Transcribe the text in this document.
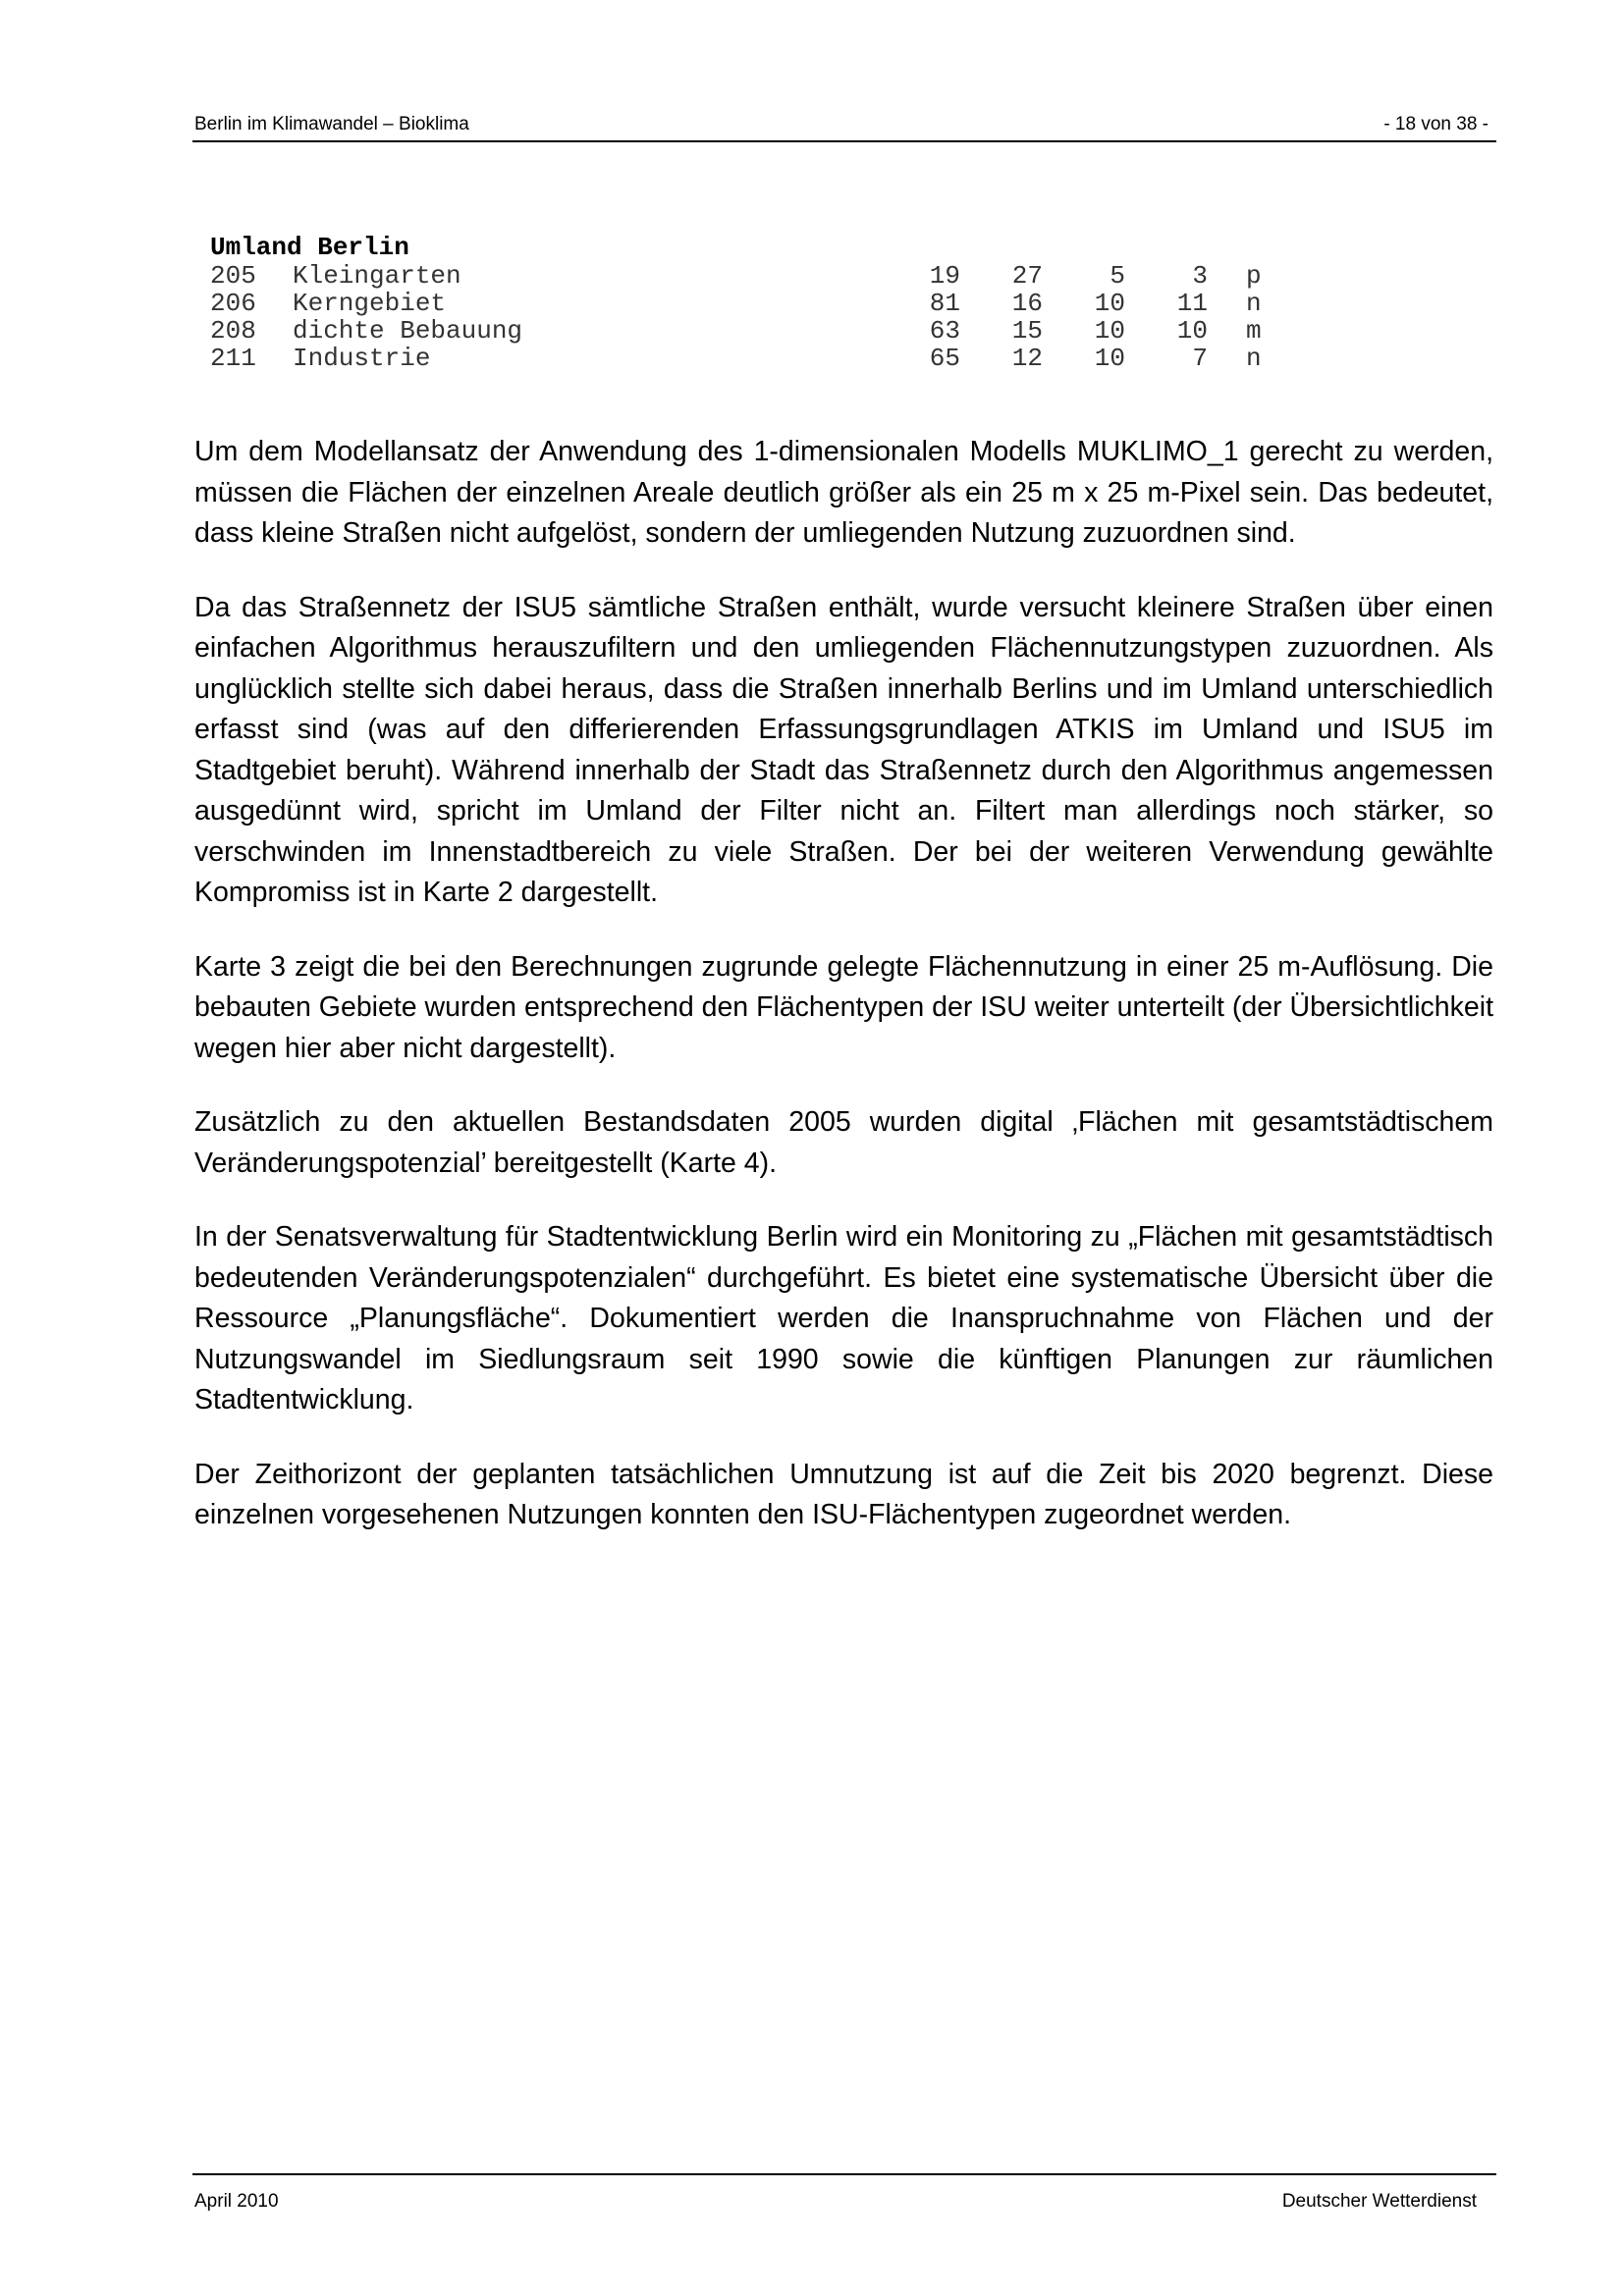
Berlin im Klimawandel – Bioklima	- 18 von 38 -
Umland Berlin
205 Kleingarten	19	27	5	3 p
206 Kerngebiet	81	16	10	11 n
208 dichte Bebauung	63	15	10	10 m
211 Industrie	65	12	10	7 n

Um dem Modellansatz der Anwendung des 1-dimensionalen Modells MUKLIMO_1 gerecht zu werden, müssen die Flächen der einzelnen Areale deutlich größer als ein 25 m x 25 m-Pixel sein. Das bedeutet, dass kleine Straßen nicht aufgelöst, sondern der umliegenden Nutzung zuzuordnen sind.

Da das Straßennetz der ISU5 sämtliche Straßen enthält, wurde versucht kleinere Straßen über einen einfachen Algorithmus herauszufiltern und den umliegenden Flächennutzungstypen zuzuordnen. Als unglücklich stellte sich dabei heraus, dass die Straßen innerhalb Berlins und im Umland unterschiedlich erfasst sind (was auf den differierenden Erfassungsgrundlagen ATKIS im Umland und ISU5 im Stadtgebiet beruht). Während innerhalb der Stadt das Straßennetz durch den Algorithmus angemessen ausgedünnt wird, spricht im Umland der Filter nicht an. Filtert man allerdings noch stärker, so verschwinden im Innenstadtbereich zu viele Straßen. Der bei der weiteren Verwendung gewählte Kompromiss ist in Karte 2 dargestellt.

Karte 3 zeigt die bei den Berechnungen zugrunde gelegte Flächennutzung in einer 25 m-Auflösung. Die bebauten Gebiete wurden entsprechend den Flächentypen der ISU weiter unterteilt (der Übersichtlichkeit wegen hier aber nicht dargestellt).

Zusätzlich zu den aktuellen Bestandsdaten 2005 wurden digital ‚Flächen mit gesamtstädtischem Veränderungspotenzial’ bereitgestellt (Karte 4).

In der Senatsverwaltung für Stadtentwicklung Berlin wird ein Monitoring zu „Flächen mit gesamtstädtisch bedeutenden Veränderungspotenzialen“ durchgeführt. Es bietet eine systematische Übersicht über die Ressource „Planungsfläche“. Dokumentiert werden die Inanspruchnahme von Flächen und der Nutzungswandel im Siedlungsraum seit 1990 sowie die künftigen Planungen zur räumlichen Stadtentwicklung.

Der Zeithorizont der geplanten tatsächlichen Umnutzung ist auf die Zeit bis 2020 begrenzt. Diese einzelnen vorgesehenen Nutzungen konnten den ISU-Flächentypen zugeordnet werden.

April 2010	Deutscher Wetterdienst
